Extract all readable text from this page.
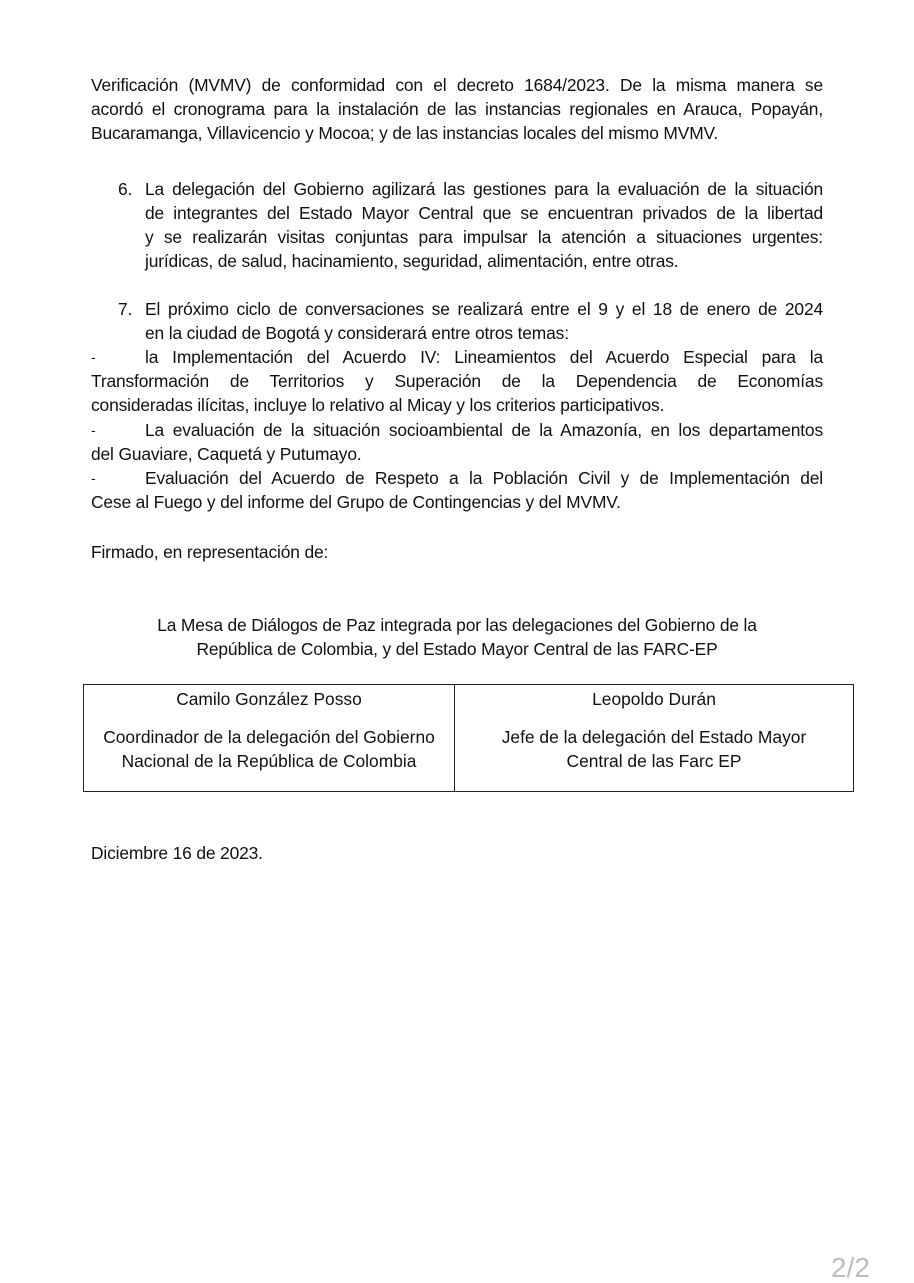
Verificación (MVMV) de conformidad con el decreto 1684/2023. De la misma manera se
acordó el cronograma para la instalación de las instancias regionales en Arauca, Popayán,
Bucaramanga, Villavicencio y Mocoa; y de las instancias locales del mismo MVMV.
6. La delegación del Gobierno agilizará las gestiones para la evaluación de la situación
de integrantes del Estado Mayor Central que se encuentran privados de la libertad
y se realizarán visitas conjuntas para impulsar la atención a situaciones urgentes:
jurídicas, de salud, hacinamiento, seguridad, alimentación, entre otras.
7. El próximo ciclo de conversaciones se realizará entre el 9 y el 18 de enero de 2024
en la ciudad de Bogotá y considerará entre otros temas:
-	la Implementación del Acuerdo IV: Lineamientos del Acuerdo Especial para la
Transformación de Territorios y Superación de la Dependencia de Economías
consideradas ilícitas, incluye lo relativo al Micay y los criterios participativos.
-	La evaluación de la situación socioambiental de la Amazonía, en los departamentos
del Guaviare, Caquetá y Putumayo.
-	Evaluación del Acuerdo de Respeto a la Población Civil y de Implementación del
Cese al Fuego y del informe del Grupo de Contingencias y del MVMV.
Firmado, en representación de:
La Mesa de Diálogos de Paz integrada por las delegaciones del Gobierno de la
República de Colombia, y del Estado Mayor Central de las FARC-EP
Camilo González Posso
Coordinador de la delegación del Gobierno
Nacional de la República de Colombia

Leopoldo Durán
Jefe de la delegación del Estado Mayor
Central de las Farc EP
Diciembre 16 de 2023.
2/2
